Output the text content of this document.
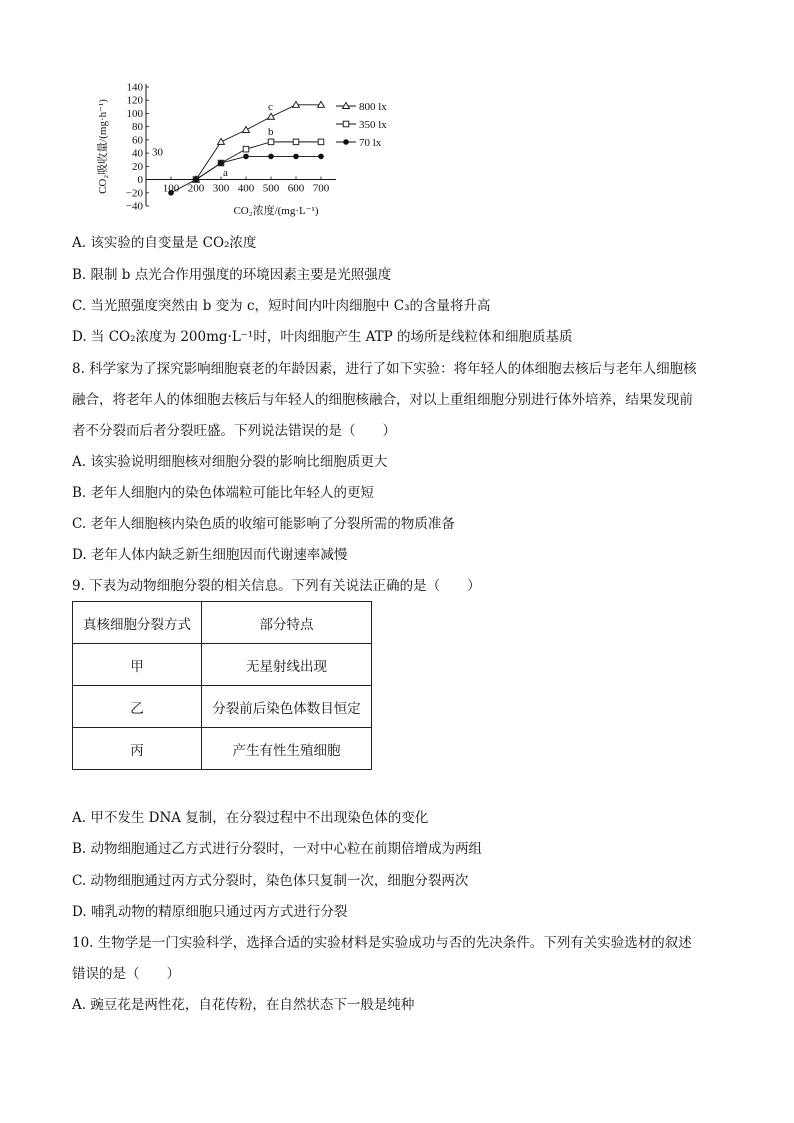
−40
−20
0
20
40
60
80
100
120
140
100 200 300 400 500 600 700
CO₂吸收量/(mg·h⁻¹)
CO₂浓度/(mg·L⁻¹)
800 lx
350 lx
70 lx
c
b
a
30
A. 该实验的自变量是 CO₂浓度
B. 限制 b 点光合作用强度的环境因素主要是光照强度
C. 当光照强度突然由 b 变为 c，短时间内叶肉细胞中 C₃的含量将升高
D. 当 CO₂浓度为 200mg·L⁻¹时，叶肉细胞产生 ATP 的场所是线粒体和细胞质基质
8. 科学家为了探究影响细胞衰老的年龄因素，进行了如下实验：将年轻人的体细胞去核后与老年人细胞核
融合，将老年人的体细胞去核后与年轻人的细胞核融合，对以上重组细胞分别进行体外培养，结果发现前
者不分裂而后者分裂旺盛。下列说法错误的是（　　）
A. 该实验说明细胞核对细胞分裂的影响比细胞质更大
B. 老年人细胞内的染色体端粒可能比年轻人的更短
C. 老年人细胞核内染色质的收缩可能影响了分裂所需的物质准备
D. 老年人体内缺乏新生细胞因而代谢速率减慢
9. 下表为动物细胞分裂的相关信息。下列有关说法正确的是（　　）
真核细胞分裂方式	部分特点
甲	无星射线出现
乙	分裂前后染色体数目恒定
丙	产生有性生殖细胞
A. 甲不发生 DNA 复制，在分裂过程中不出现染色体的变化
B. 动物细胞通过乙方式进行分裂时，一对中心粒在前期倍增成为两组
C. 动物细胞通过丙方式分裂时，染色体只复制一次，细胞分裂两次
D. 哺乳动物的精原细胞只通过丙方式进行分裂
10. 生物学是一门实验科学，选择合适的实验材料是实验成功与否的先决条件。下列有关实验选材的叙述
错误的是（　　）
A. 豌豆花是两性花，自花传粉，在自然状态下一般是纯种
